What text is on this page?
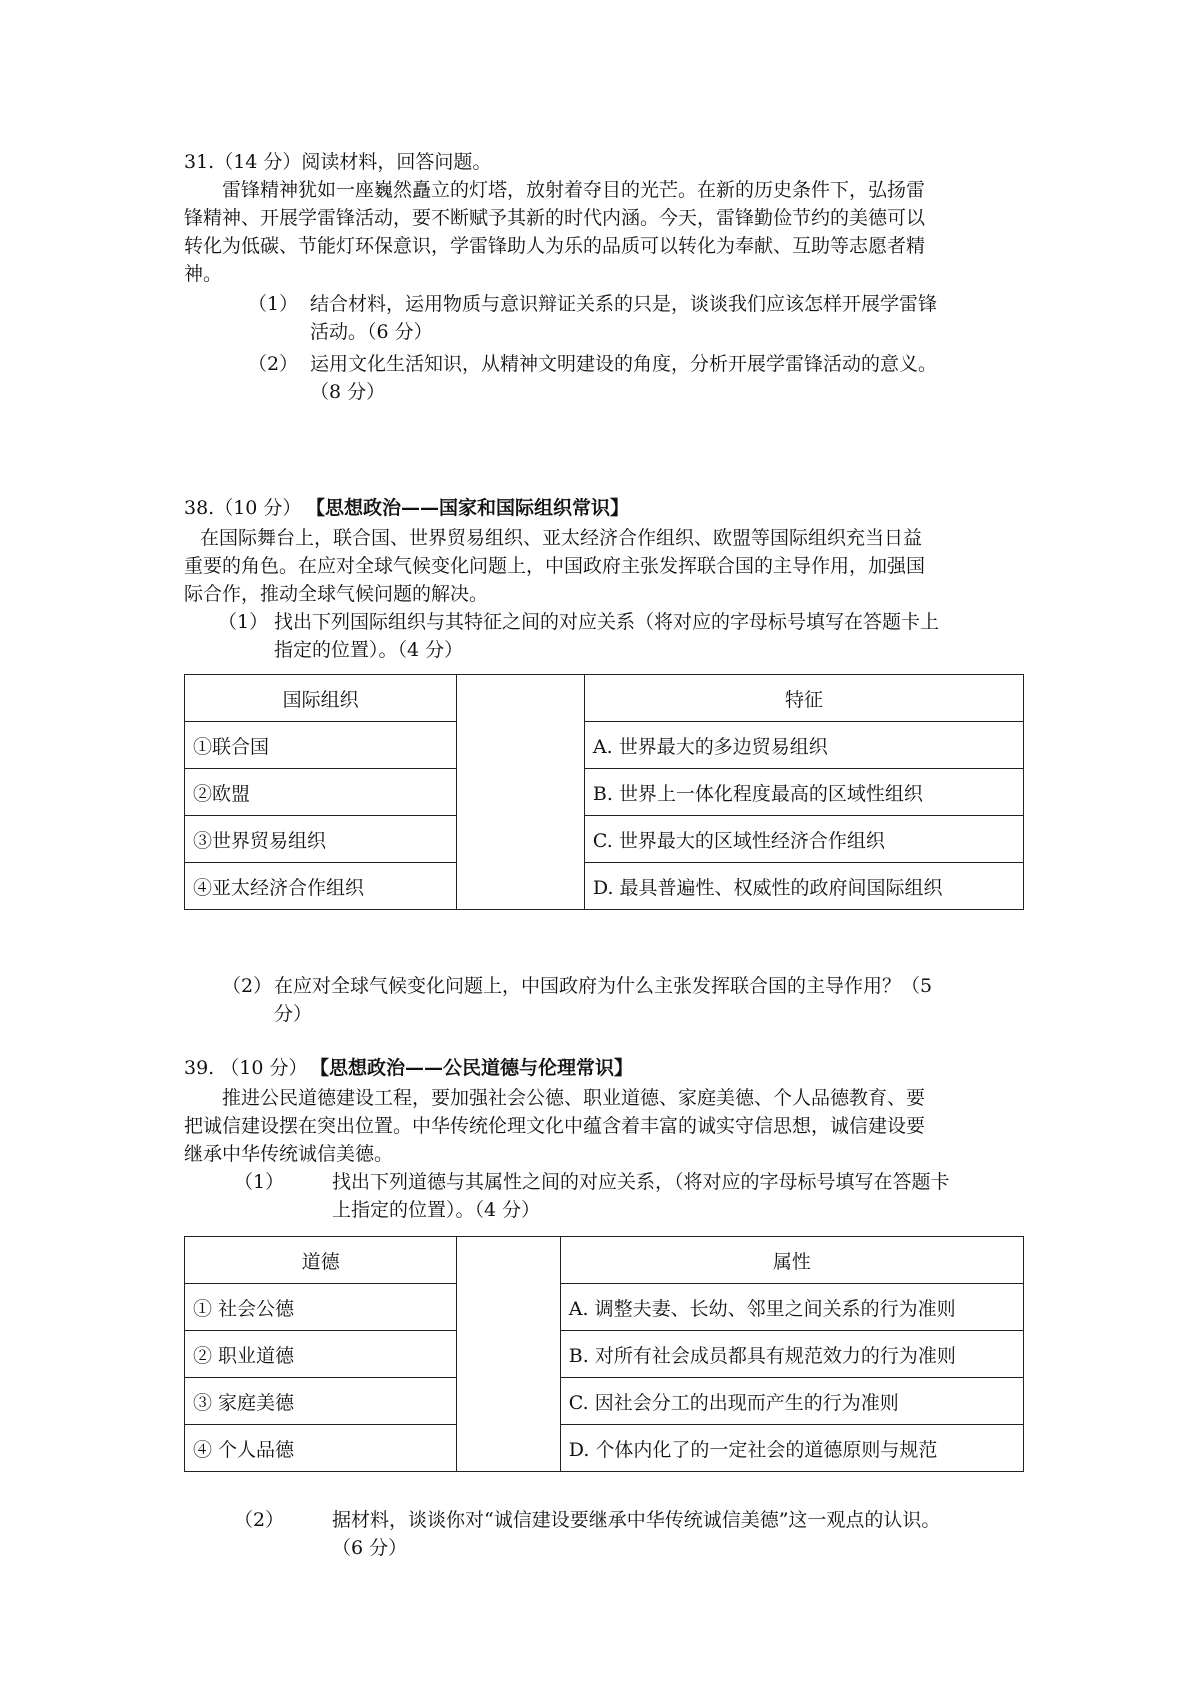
31.（14 分）阅读材料，回答问题。
雷锋精神犹如一座巍然矗立的灯塔，放射着夺目的光芒。在新的历史条件下，弘扬雷
锋精神、开展学雷锋活动，要不断赋予其新的时代内涵。今天，雷锋勤俭节约的美德可以
转化为低碳、节能灯环保意识，学雷锋助人为乐的品质可以转化为奉献、互助等志愿者精
神。
（1） 结合材料，运用物质与意识辩证关系的只是，谈谈我们应该怎样开展学雷锋
活动。（6 分）
（2） 运用文化生活知识，从精神文明建设的角度，分析开展学雷锋活动的意义。
（8 分）
38.（10 分） 【思想政治——国家和国际组织常识】
在国际舞台上，联合国、世界贸易组织、亚太经济合作组织、欧盟等国际组织充当日益
重要的角色。在应对全球气候变化问题上，中国政府主张发挥联合国的主导作用，加强国
际合作，推动全球气候问题的解决。
（1） 找出下列国际组织与其特征之间的对应关系（将对应的字母标号填写在答题卡上
指定的位置）。（4 分）
国际组织		特征
①联合国		A. 世界最大的多边贸易组织
②欧盟		B. 世界上一体化程度最高的区域性组织
③世界贸易组织		C. 世界最大的区域性经济合作组织
④亚太经济合作组织		D. 最具普遍性、权威性的政府间国际组织
（2） 在应对全球气候变化问题上，中国政府为什么主张发挥联合国的主导作用？（5
分）
39. （10 分） 【思想政治——公民道德与伦理常识】
推进公民道德建设工程，要加强社会公德、职业道德、家庭美德、个人品德教育、要
把诚信建设摆在突出位置。中华传统伦理文化中蕴含着丰富的诚实守信思想，诚信建设要
继承中华传统诚信美德。
（1）	找出下列道德与其属性之间的对应关系，（将对应的字母标号填写在答题卡
上指定的位置）。（4 分）
道德		属性
① 社会公德		A. 调整夫妻、长幼、邻里之间关系的行为准则
② 职业道德		B. 对所有社会成员都具有规范效力的行为准则
③ 家庭美德		C. 因社会分工的出现而产生的行为准则
④ 个人品德		D. 个体内化了的一定社会的道德原则与规范
（2）	据材料，谈谈你对“诚信建设要继承中华传统诚信美德”这一观点的认识。
（6 分）
